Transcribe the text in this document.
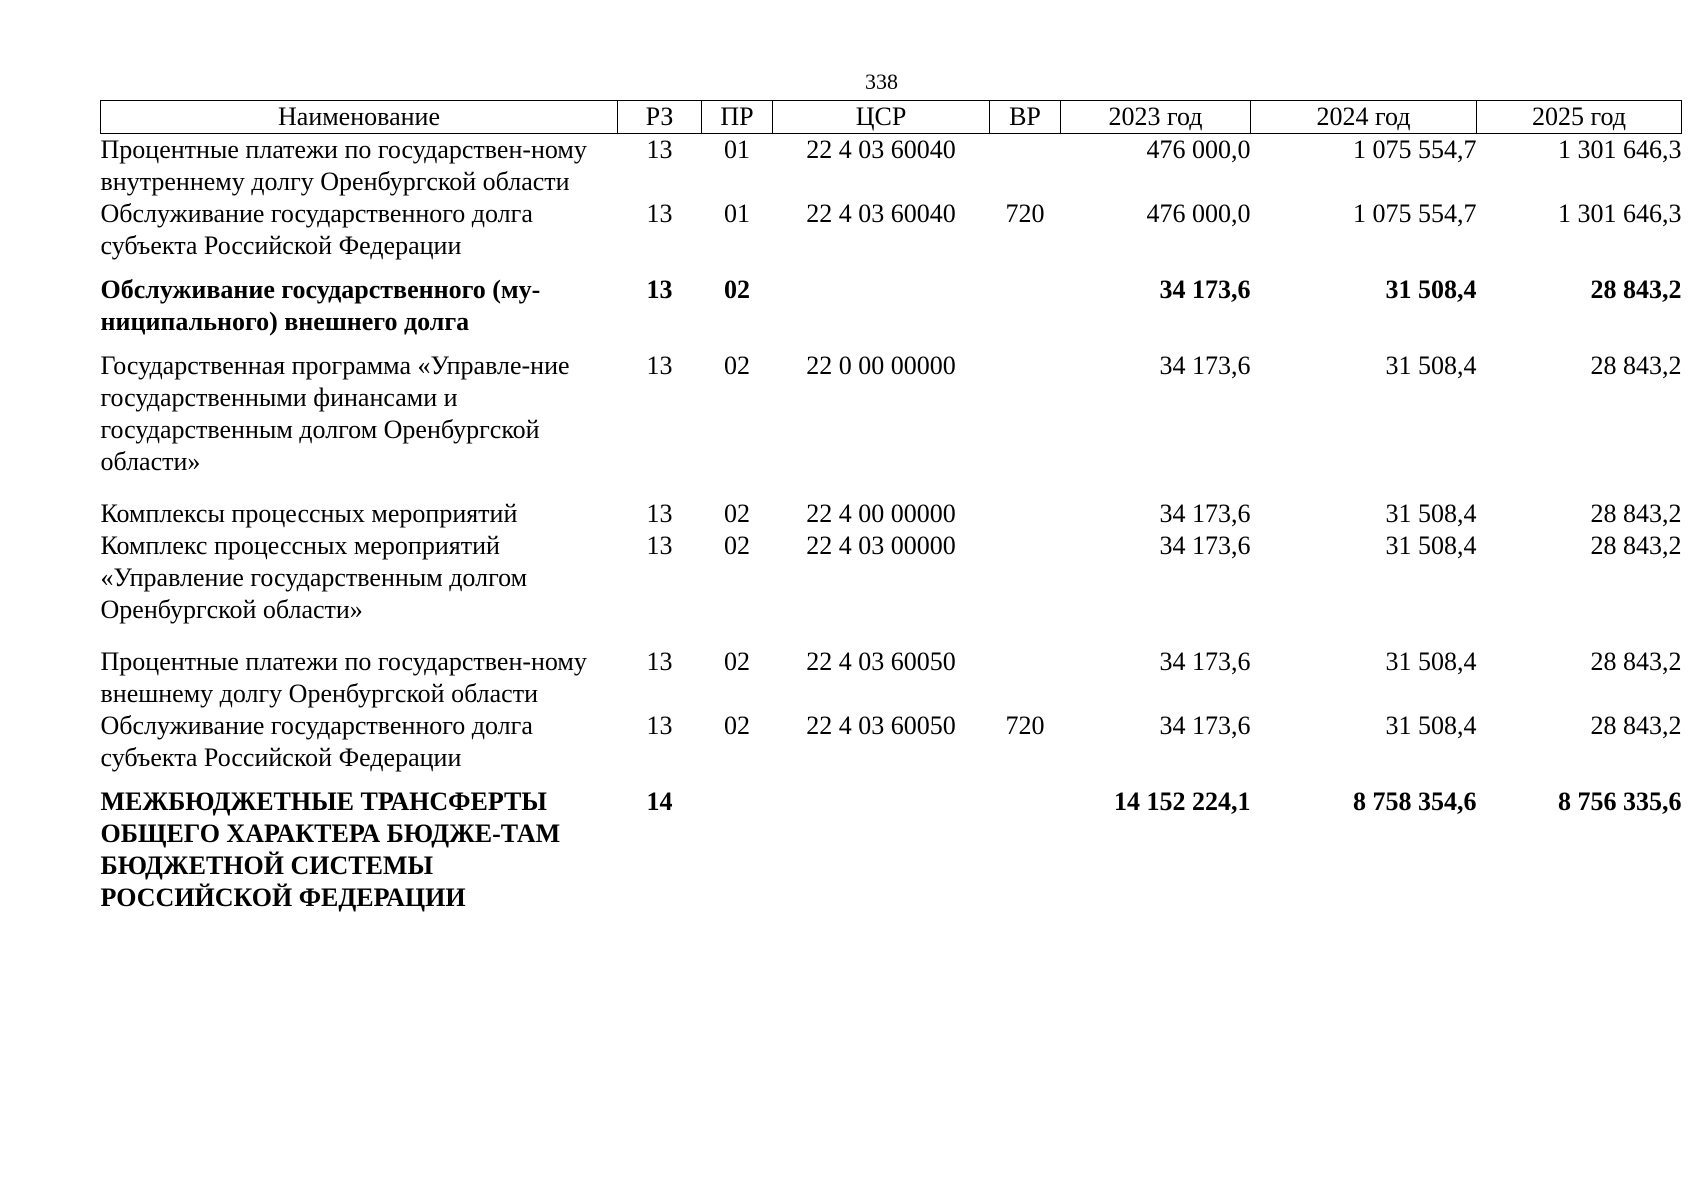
338
Наименование	РЗ	ПР	ЦСР	ВР	2023 год	2024 год	2025 год
Процентные платежи по государствен-ному внутреннему долгу Оренбургской области	13	01	22 4 03 60040		476 000,0	1 075 554,7	1 301 646,3
Обслуживание государственного долга субъекта Российской Федерации	13	01	22 4 03 60040	720	476 000,0	1 075 554,7	1 301 646,3
Обслуживание государственного (му-ниципального) внешнего долга	13	02			34 173,6	31 508,4	28 843,2
Государственная программа «Управле-ние государственными финансами и государственным долгом Оренбургской области»	13	02	22 0 00 00000		34 173,6	31 508,4	28 843,2
Комплексы процессных мероприятий	13	02	22 4 00 00000		34 173,6	31 508,4	28 843,2
Комплекс процессных мероприятий «Управление государственным долгом Оренбургской области»	13	02	22 4 03 00000		34 173,6	31 508,4	28 843,2
Процентные платежи по государствен-ному внешнему долгу Оренбургской области	13	02	22 4 03 60050		34 173,6	31 508,4	28 843,2
Обслуживание государственного долга субъекта Российской Федерации	13	02	22 4 03 60050	720	34 173,6	31 508,4	28 843,2
МЕЖБЮДЖЕТНЫЕ ТРАНСФЕРТЫ ОБЩЕГО ХАРАКТЕРА БЮДЖЕ-ТАМ БЮДЖЕТНОЙ СИСТЕМЫ РОССИЙСКОЙ ФЕДЕРАЦИИ	14				14 152 224,1	8 758 354,6	8 756 335,6
